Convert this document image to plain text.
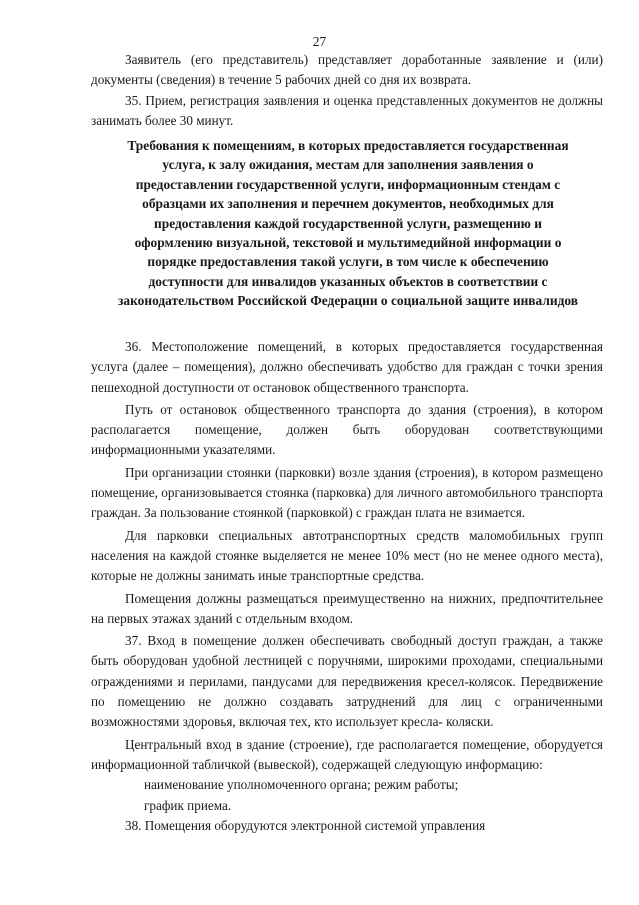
27

Заявитель (его представитель) представляет доработанные заявление и (или) документы (сведения) в течение 5 рабочих дней со дня их возврата.

35. Прием, регистрация заявления и оценка представленных документов не должны занимать более 30 минут.

Требования к помещениям, в которых предоставляется государственная услуга, к залу ожидания, местам для заполнения заявления о предоставлении государственной услуги, информационным стендам с образцами их заполнения и перечнем документов, необходимых для предоставления каждой государственной услуги, размещению и оформлению визуальной, текстовой и мультимедийной информации о порядке предоставления такой услуги, в том числе к обеспечению доступности для инвалидов указанных объектов в соответствии с законодательством Российской Федерации о социальной защите инвалидов

36. Местоположение помещений, в которых предоставляется государственная услуга (далее – помещения), должно обеспечивать удобство для граждан с точки зрения пешеходной доступности от остановок общественного транспорта.

Путь от остановок общественного транспорта до здания (строения), в котором располагается помещение, должен быть оборудован соответствующими информационными указателями.

При организации стоянки (парковки) возле здания (строения), в котором размещено помещение, организовывается стоянка (парковка) для личного автомобильного транспорта граждан. За пользование стоянкой (парковкой) с граждан плата не взимается.

Для парковки специальных автотранспортных средств маломобильных групп населения на каждой стоянке выделяется не менее 10% мест (но не менее одного места), которые не должны занимать иные транспортные средства.

Помещения должны размещаться преимущественно на нижних, предпочтительнее на первых этажах зданий с отдельным входом.

37. Вход в помещение должен обеспечивать свободный доступ граждан, а также быть оборудован удобной лестницей с поручнями, широкими проходами, специальными ограждениями и перилами, пандусами для передвижения кресел-колясок. Передвижение по помещению не должно создавать затруднений для лиц с ограниченными возможностями здоровья, включая тех, кто использует кресла- коляски.

Центральный вход в здание (строение), где располагается помещение, оборудуется информационной табличкой (вывеской), содержащей следующую информацию:

наименование уполномоченного органа; режим работы;

график приема.

38. Помещения оборудуются электронной системой управления
